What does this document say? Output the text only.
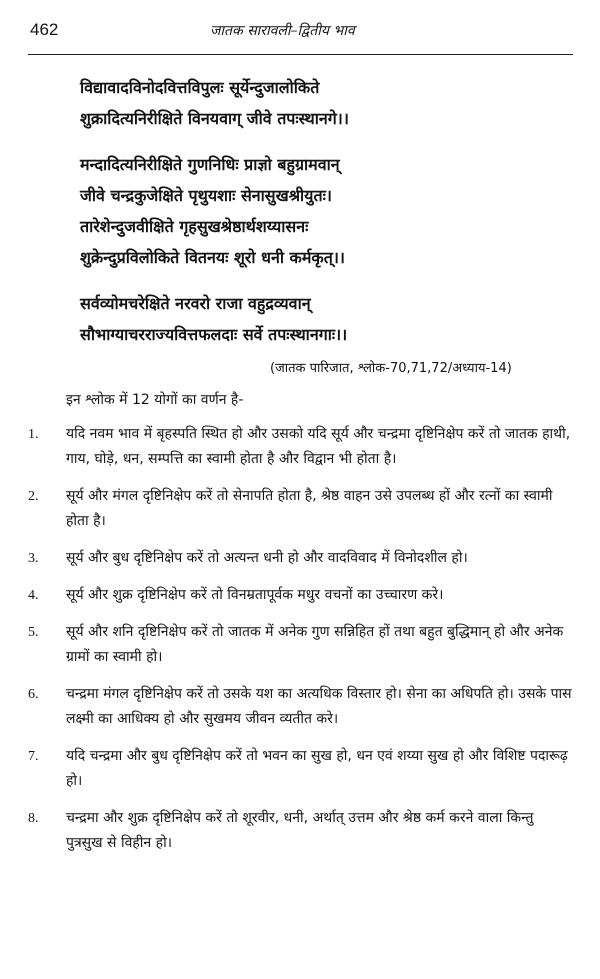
462	जातक सारावली–द्वितीय भाव
विद्यावादविनोदवित्तविपुलः सूर्येन्दुजालोकिते
शुक्रादित्यनिरीक्षिते विनयवाग् जीवे तपःस्थानगे।।
मन्दादित्यनिरीक्षिते गुणनिधिः प्राज्ञो बहुग्रामवान्
जीवे चन्द्रकुजेक्षिते पृथुयशाः सेनासुखश्रीयुतः।
तारेशेन्दुजवीक्षिते गृहसुखश्रेष्ठार्थशय्यासनः
शुक्रेन्दुप्रविलोकिते वितनयः शूरो धनी कर्मकृत्।।
सर्वव्योमचरेक्षिते नरवरो राजा वहुद्रव्यवान्
सौभाग्याचरराज्यवित्तफलदाः सर्वे तपःस्थानगाः।।
(जातक पारिजात, श्लोक-70,71,72/अध्याय-14)
इन श्लोक में 12 योगों का वर्णन है-
1. यदि नवम भाव में बृहस्पति स्थित हो और उसको यदि सूर्य और चन्द्रमा दृष्टिनिक्षेप करें तो जातक हाथी, गाय, घोड़े, धन, सम्पत्ति का स्वामी होता है और विद्वान भी होता है।
2. सूर्य और मंगल दृष्टिनिक्षेप करें तो सेनापति होता है, श्रेष्ठ वाहन उसे उपलब्ध हों और रत्नों का स्वामी होता है।
3. सूर्य और बुध दृष्टिनिक्षेप करें तो अत्यन्त धनी हो और वादविवाद में विनोदशील हो।
4. सूर्य और शुक्र दृष्टिनिक्षेप करें तो विनम्रतापूर्वक मधुर वचनों का उच्चारण करे।
5. सूर्य और शनि दृष्टिनिक्षेप करें तो जातक में अनेक गुण सन्निहित हों तथा बहुत बुद्धिमान् हो और अनेक ग्रामों का स्वामी हो।
6. चन्द्रमा मंगल दृष्टिनिक्षेप करें तो उसके यश का अत्यधिक विस्तार हो। सेना का अधिपति हो। उसके पास लक्ष्मी का आधिक्य हो और सुखमय जीवन व्यतीत करे।
7. यदि चन्द्रमा और बुध दृष्टिनिक्षेप करें तो भवन का सुख हो, धन एवं शय्या सुख हो और विशिष्ट पदारूढ़ हो।
8. चन्द्रमा और शुक्र दृष्टिनिक्षेप करें तो शूरवीर, धनी, अर्थात् उत्तम और श्रेष्ठ कर्म करने वाला किन्तु पुत्रसुख से विहीन हो।
